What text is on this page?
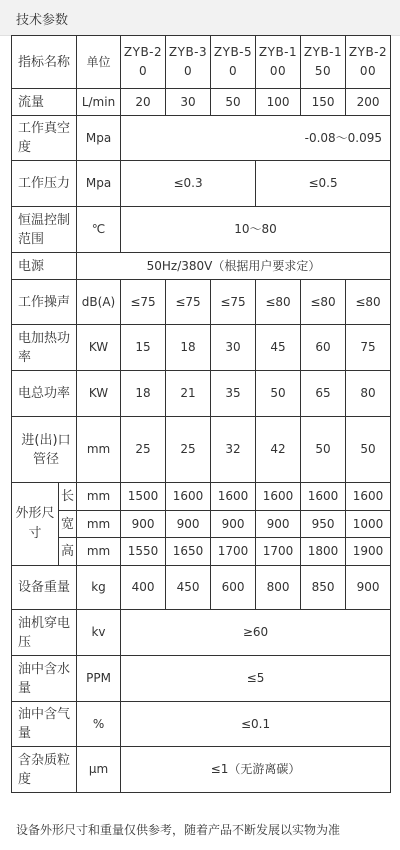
技术参数
指标名称		单位	ZYB-20	ZYB-30	ZYB-50	ZYB-100	ZYB-150	ZYB-200
流量		L/min	20	30	50	100	150	200
工作真空度		Mpa	-0.08～0.095					
工作压力		Mpa	≤0.3			≤0.5		
恒温控制范围		℃	10～80					
电源		50Hz/380V（根据用户要求定）						
工作操声		dB(A)	≤75	≤75	≤75	≤80	≤80	≤80
电加热功率		KW	15	18	30	45	60	75
电总功率		KW	18	21	35	50	65	80
进(出)口管径		mm	25	25	32	42	50	50
外形尺寸	长	mm	1500	1600	1600	1600	1600	1600
	宽	mm	900	900	900	900	950	1000
	高	mm	1550	1650	1700	1700	1800	1900
设备重量		kg	400	450	600	800	850	900
油机穿电压		kv	≥60					
油中含水量		PPM	≤5					
油中含气量		%	≤0.1					
含杂质粒度		μm	≤1（无游离碳）					
设备外形尺寸和重量仅供参考，随着产品不断发展以实物为准
